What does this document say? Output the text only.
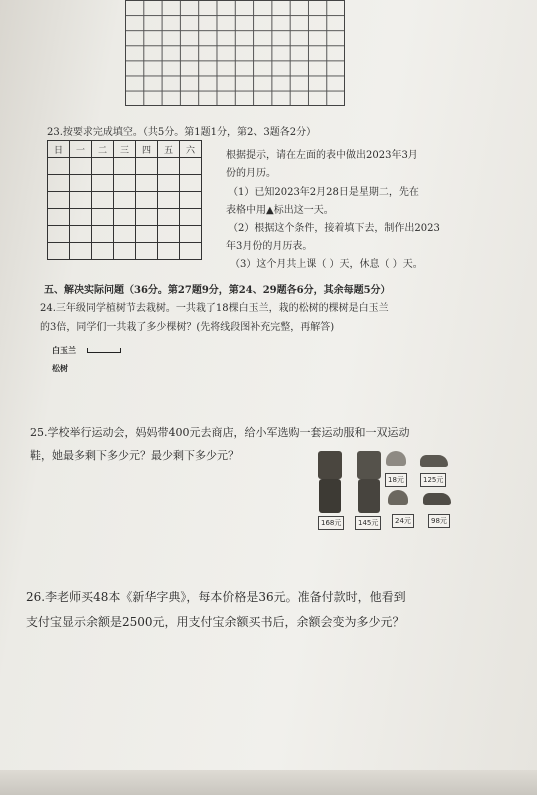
23.按要求完成填空。（共5分。第1题1分，第2、3题各2分）
日	一	二	三	四	五	六

							根据提示，请在左面的表中做出2023年3月
份的月历。
（1）已知2023年2月28日是星期二，先在
表格中用▲标出这一天。
（2）根据这个条件，接着填下去，制作出2023
年3月份的月历表。
（3）这个月共上课（ ）天，休息（ ）天。
五、解决实际问题（36分。第27题9分，第24、29题各6分，其余每题5分）
24.三年级同学植树节去栽树。一共栽了18棵白玉兰，栽的松树的棵树是白玉兰
的3倍，同学们一共栽了多少棵树？(先将线段图补充完整，再解答)
白玉兰
松树
25.学校举行运动会，妈妈带400元去商店，给小军选购一套运动服和一双运动
鞋，她最多剩下多少元？最少剩下多少元？
18元	125元
168元	145元	24元	98元
26.李老师买48本《新华字典》，每本价格是36元。准备付款时，他看到
支付宝显示余额是2500元，用支付宝余额买书后，余额会变为多少元？
